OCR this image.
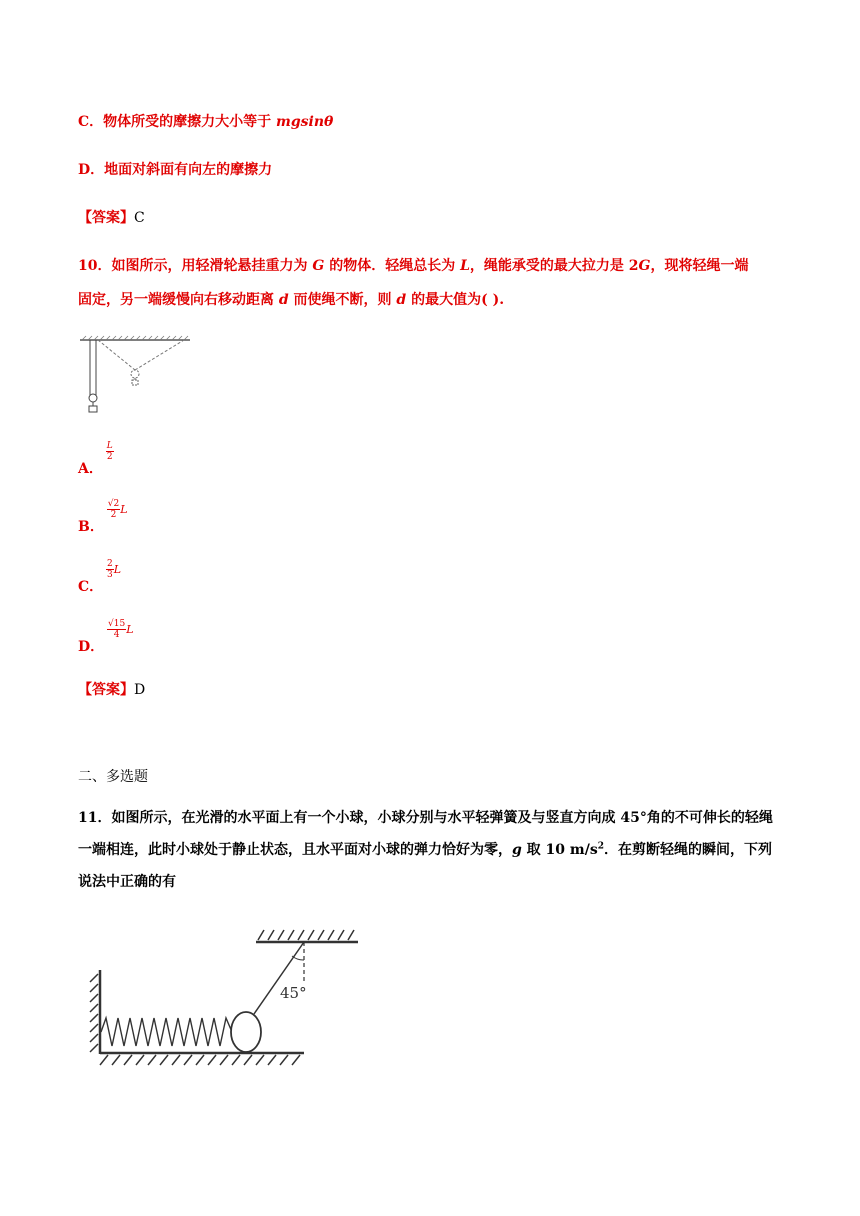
C．物体所受的摩擦力大小等于 mgsinθ
D．地面对斜面有向左的摩擦力
【答案】C
10．如图所示，用轻滑轮悬挂重力为 G 的物体．轻绳总长为 L，绳能承受的最大拉力是 2G，现将轻绳一端
固定，另一端缓慢向右移动距离 d 而使绳不断，则 d 的最大值为( ).
A．
$\frac{L}{2}$
B．
$\frac{√2}{2}$ L
C．
$\frac{2}{3}$ L
D．
$\frac{√15}{4}$ L
【答案】D
二、多选题
11．如图所示，在光滑的水平面上有一个小球，小球分别与水平轻弹簧及与竖直方向成 45°角的不可伸长的轻绳一端相连，此时小球处于静止状态，且水平面对小球的弹力恰好为零，g 取 10 $m/s^2$．在剪断轻绳的瞬间，下列说法中正确的有
45°
